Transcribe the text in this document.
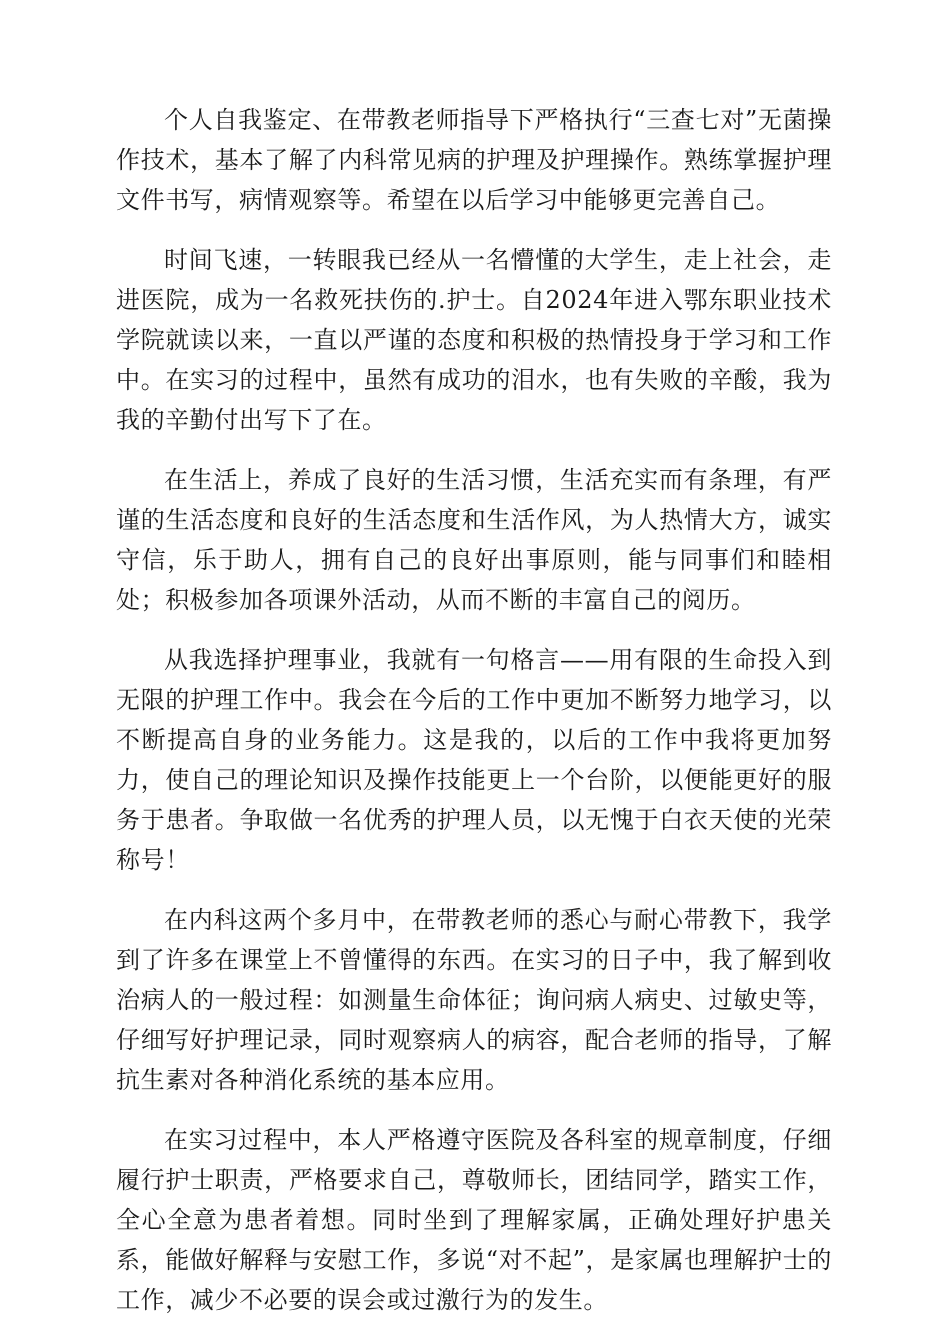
个人自我鉴定、在带教老师指导下严格执行“三查七对”无菌操作技术，基本了解了内科常见病的护理及护理操作。熟练掌握护理文件书写，病情观察等。希望在以后学习中能够更完善自己。

时间飞速，一转眼我已经从一名懵懂的大学生，走上社会，走进医院，成为一名救死扶伤的.护士。自2024年进入鄂东职业技术学院就读以来，一直以严谨的态度和积极的热情投身于学习和工作中。在实习的过程中，虽然有成功的泪水，也有失败的辛酸，我为我的辛勤付出写下了在。

在生活上，养成了良好的生活习惯，生活充实而有条理，有严谨的生活态度和良好的生活态度和生活作风，为人热情大方，诚实守信，乐于助人，拥有自己的良好出事原则，能与同事们和睦相处；积极参加各项课外活动，从而不断的丰富自己的阅历。

从我选择护理事业，我就有一句格言——用有限的生命投入到无限的护理工作中。我会在今后的工作中更加不断努力地学习，以不断提高自身的业务能力。这是我的，以后的工作中我将更加努力，使自己的理论知识及操作技能更上一个台阶，以便能更好的服务于患者。争取做一名优秀的护理人员，以无愧于白衣天使的光荣称号！

在内科这两个多月中，在带教老师的悉心与耐心带教下，我学到了许多在课堂上不曾懂得的东西。在实习的日子中，我了解到收治病人的一般过程：如测量生命体征；询问病人病史、过敏史等，仔细写好护理记录，同时观察病人的病容，配合老师的指导，了解抗生素对各种消化系统的基本应用。

在实习过程中，本人严格遵守医院及各科室的规章制度，仔细履行护士职责，严格要求自己，尊敬师长，团结同学，踏实工作，全心全意为患者着想。同时坐到了理解家属，正确处理好护患关系，能做好解释与安慰工作，多说“对不起”，是家属也理解护士的工作，减少不必要的误会或过激行为的发生。
